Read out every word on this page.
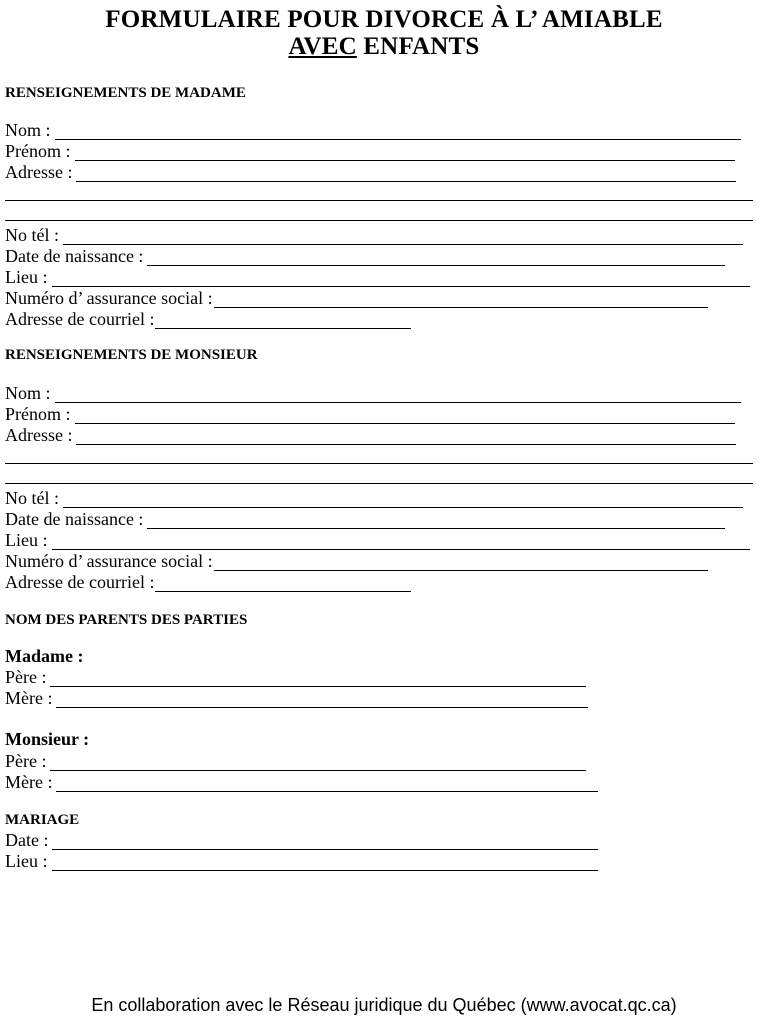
FORMULAIRE POUR DIVORCE À L’ AMIABLE
AVEC ENFANTS
RENSEIGNEMENTS DE MADAME
Nom :
Prénom :
Adresse :
No tél :
Date de naissance :
Lieu :
Numéro d’ assurance social :
Adresse de courriel :
RENSEIGNEMENTS DE MONSIEUR
Nom :
Prénom :
Adresse :
No tél :
Date de naissance :
Lieu :
Numéro d’ assurance social :
Adresse de courriel :
NOM DES PARENTS DES PARTIES
Madame :
Père :
Mère :
Monsieur :
Père :
Mère :
MARIAGE
Date :
Lieu :
En collaboration avec le Réseau juridique du Québec (www.avocat.qc.ca)
